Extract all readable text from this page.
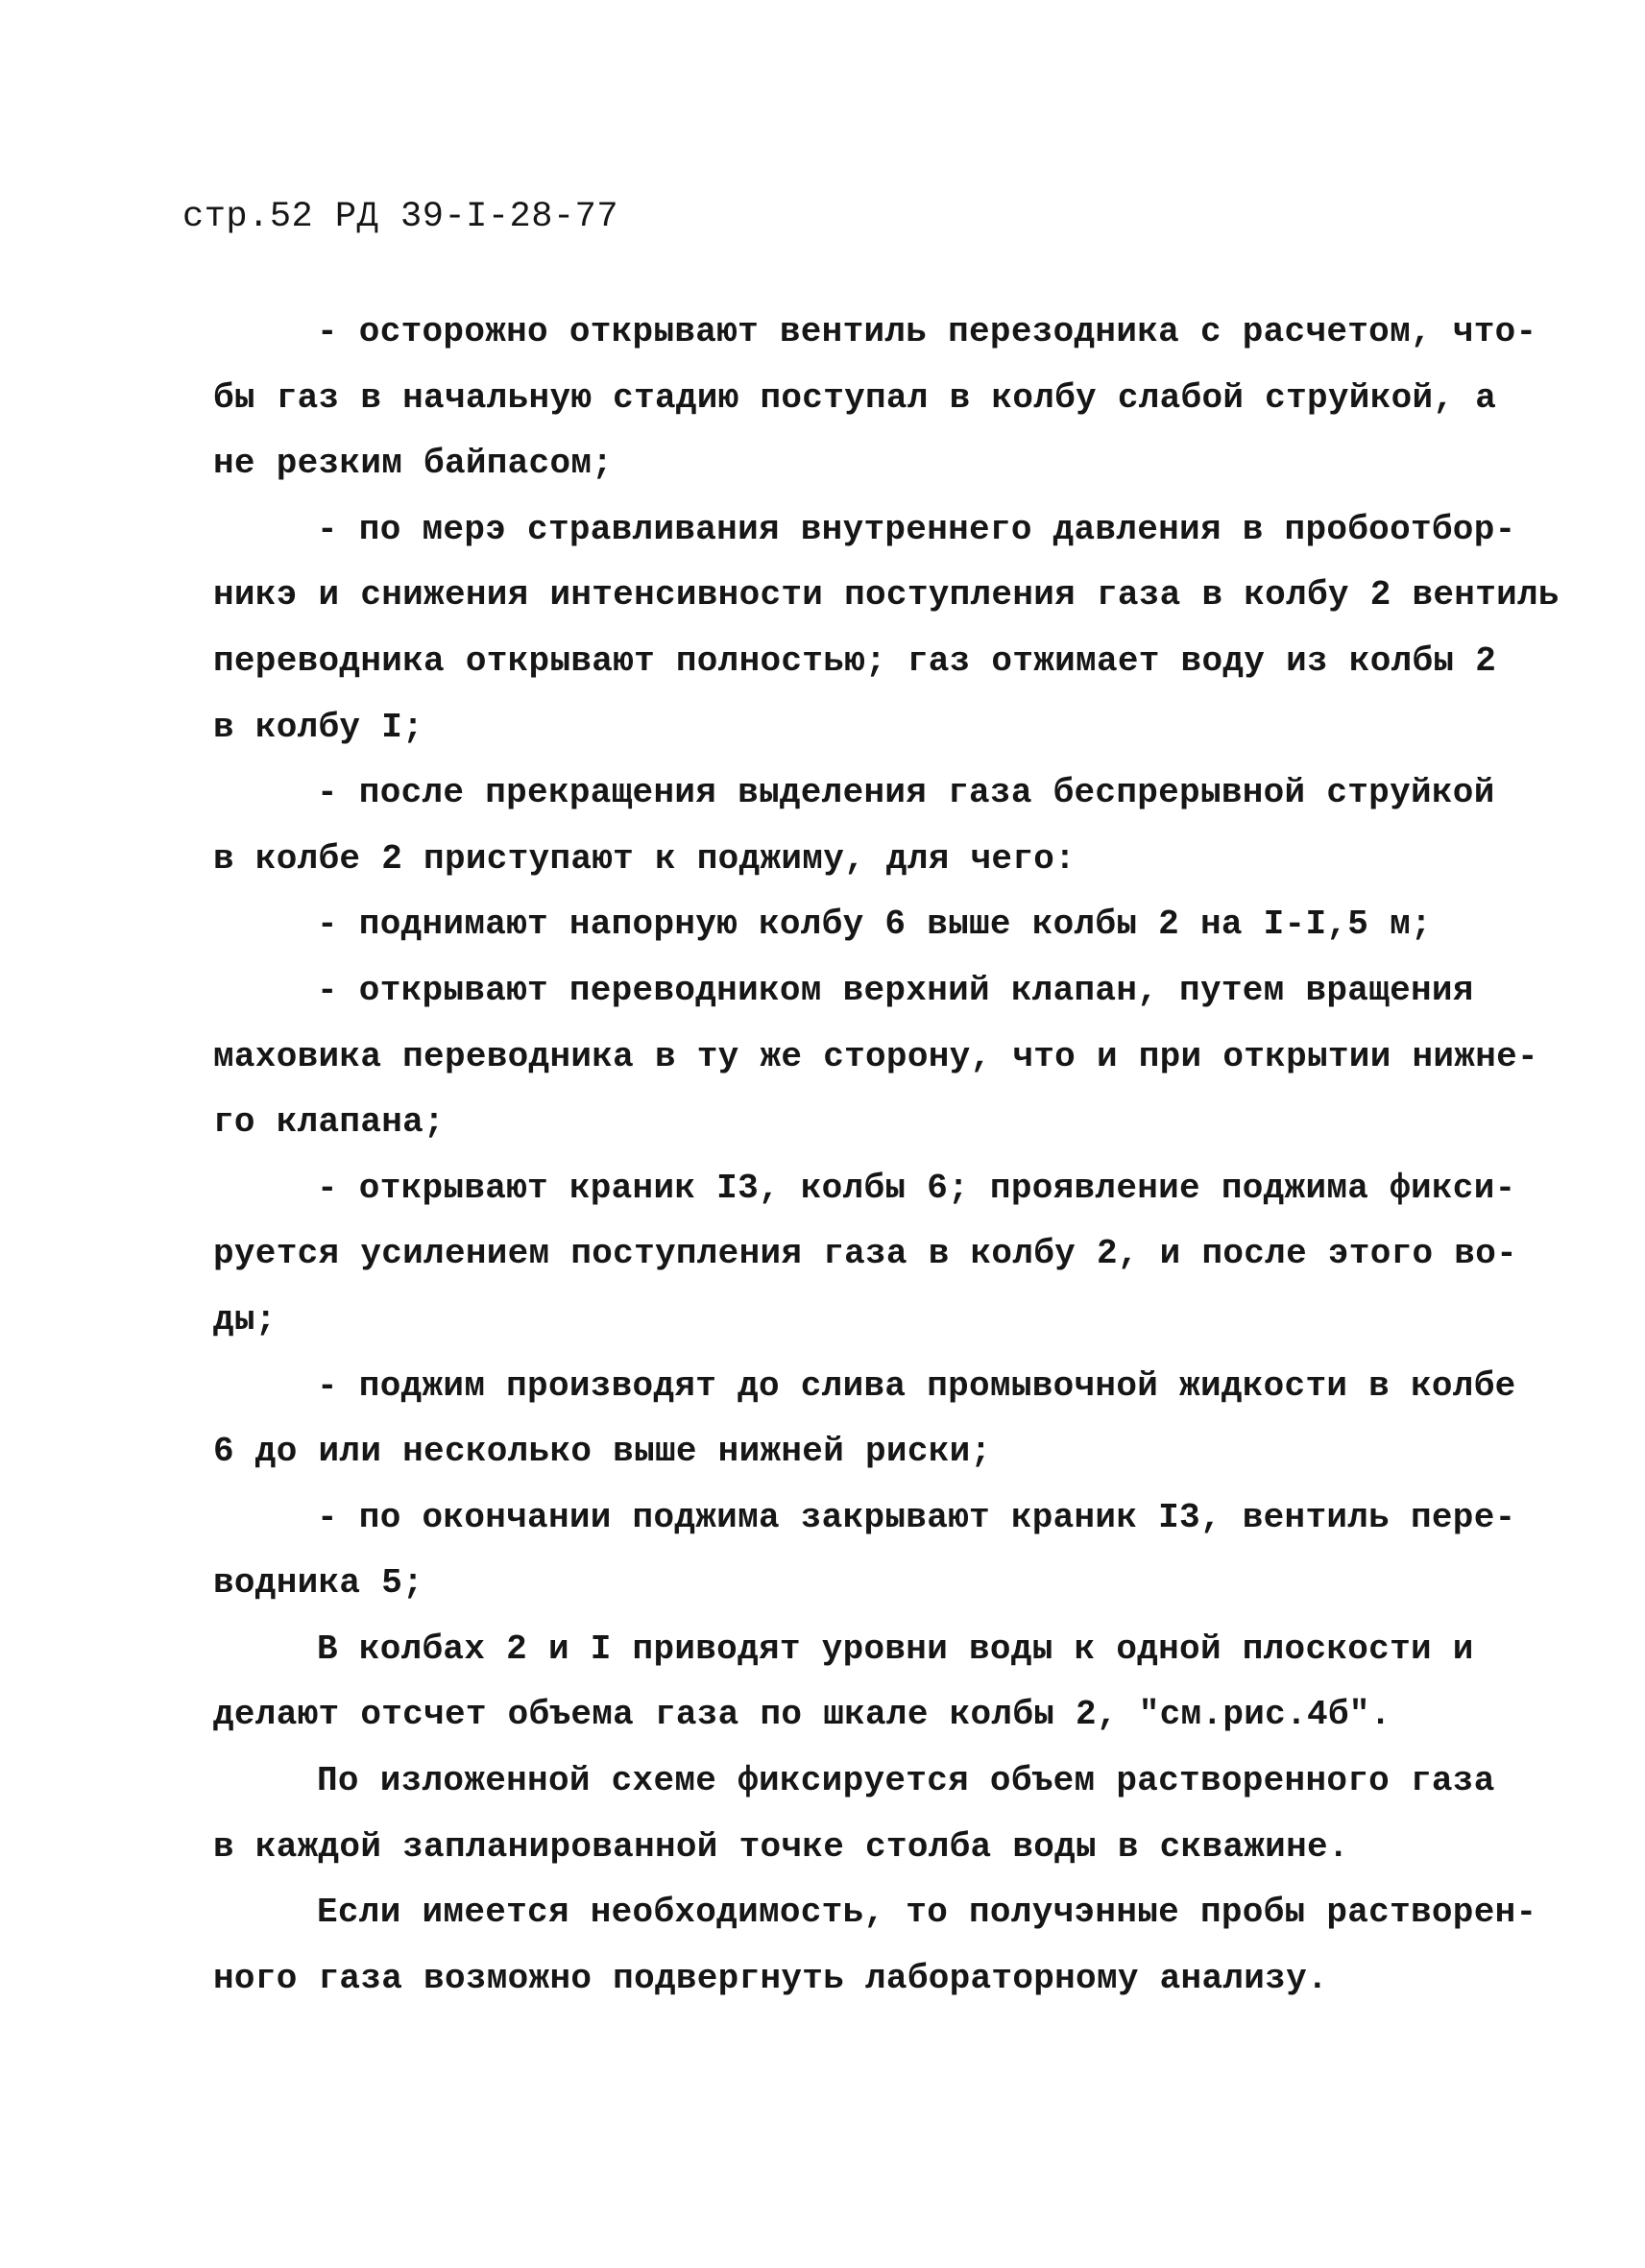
стр.52 РД 39-I-28-77
- осторожно открывают вентиль перезодника с расчетом, что-
бы газ в начальную стадию поступал в колбу слабой струйкой, а
не резким байпасом;
- по мерэ стравливания внутреннего давления в пробоотбор-
никэ и снижения интенсивности поступления газа в колбу 2 вентиль
переводника открывают полностью; газ отжимает воду из колбы 2
в колбу I;
- после прекращения выделения газа беспрерывной струйкой
в колбе 2 приступают к поджиму, для чего:
- поднимают напорную колбу 6 выше колбы 2 на I-I,5 м;
- открывают переводником верхний клапан, путем вращения
маховика переводника в ту же сторону, что и при открытии нижне-
го клапана;
- открывают краник I3, колбы 6; проявление поджима фикси-
руется усилением поступления газа в колбу 2, и после этого во-
ды;
- поджим производят до слива промывочной жидкости в колбе
6 до или несколько выше нижней риски;
- по окончании поджима закрывают краник I3, вентиль пере-
водника 5;
В колбах 2 и I приводят уровни воды к одной плоскости и
делают отсчет объема газа по шкале колбы 2, "см.рис.4б".
По изложенной схеме фиксируется объем растворенного газа
в каждой запланированной точке столба воды в скважине.
Если имеется необходимость, то получэнные пробы растворен-
ного газа возможно подвергнуть лабораторному анализу.
